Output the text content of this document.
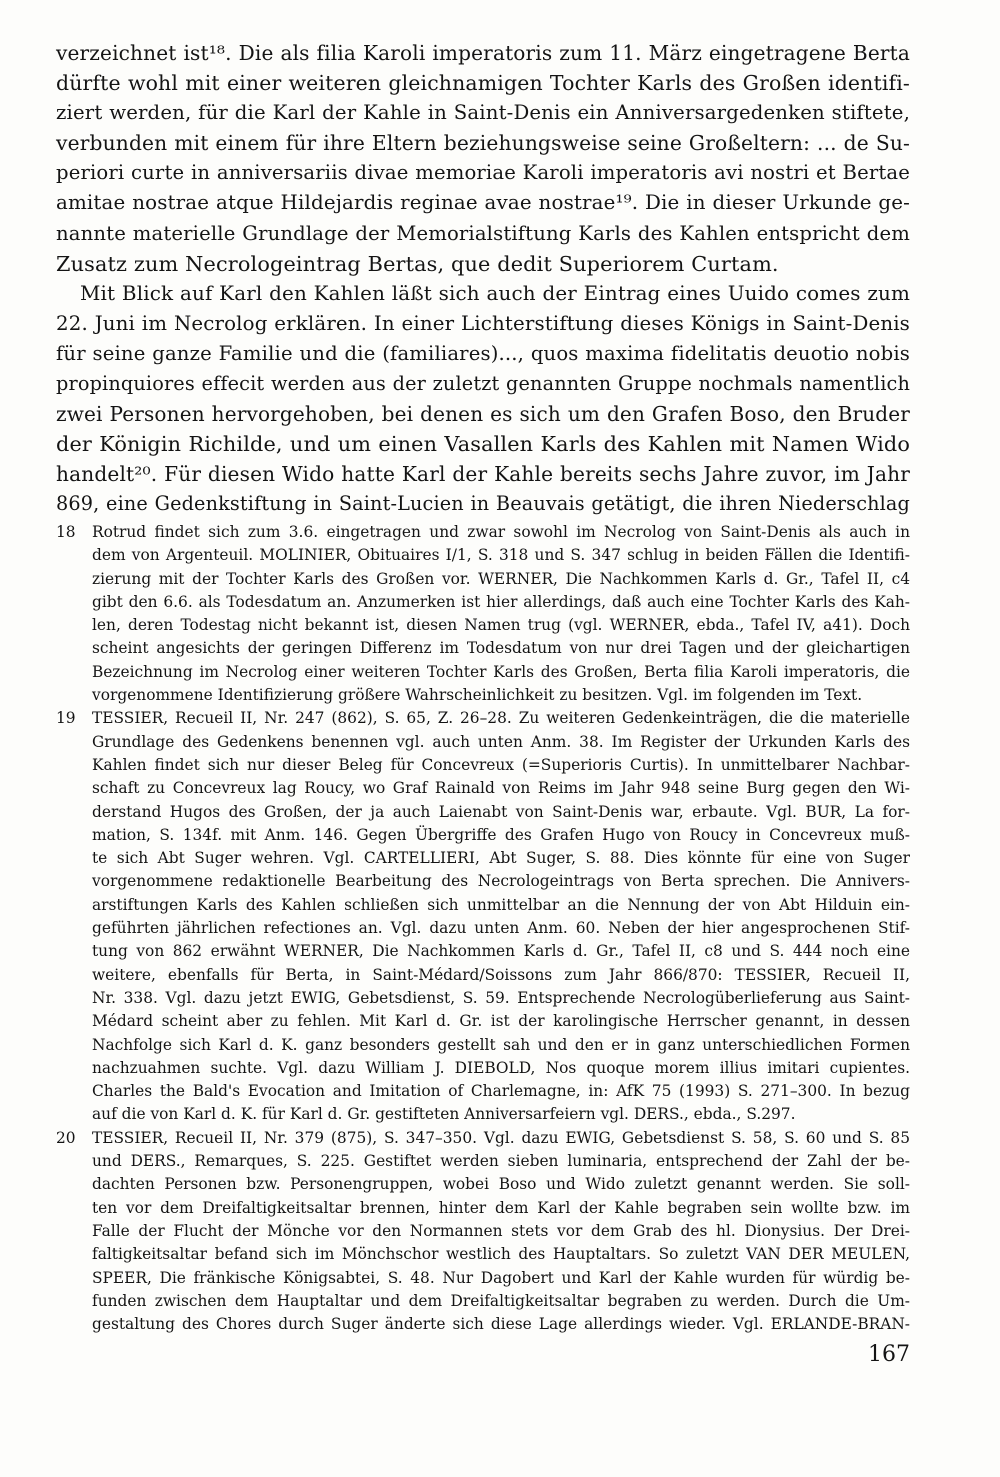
verzeichnet ist¹⁸. Die als filia Karoli imperatoris zum 11. März eingetragene Berta
dürfte wohl mit einer weiteren gleichnamigen Tochter Karls des Großen identifi-
ziert werden, für die Karl der Kahle in Saint-Denis ein Anniversargedenken stiftete,
verbunden mit einem für ihre Eltern beziehungsweise seine Großeltern: ... de Su-
periori curte in anniversariis divae memoriae Karoli imperatoris avi nostri et Bertae
amitae nostrae atque Hildejardis reginae avae nostrae¹⁹. Die in dieser Urkunde ge-
nannte materielle Grundlage der Memorialstiftung Karls des Kahlen entspricht dem
Zusatz zum Necrologeintrag Bertas, que dedit Superiorem Curtam.
Mit Blick auf Karl den Kahlen läßt sich auch der Eintrag eines Uuido comes zum
22. Juni im Necrolog erklären. In einer Lichterstiftung dieses Königs in Saint-Denis
für seine ganze Familie und die (familiares)..., quos maxima fidelitatis deuotio nobis
propinquiores effecit werden aus der zuletzt genannten Gruppe nochmals namentlich
zwei Personen hervorgehoben, bei denen es sich um den Grafen Boso, den Bruder
der Königin Richilde, und um einen Vasallen Karls des Kahlen mit Namen Wido
handelt²⁰. Für diesen Wido hatte Karl der Kahle bereits sechs Jahre zuvor, im Jahr
869, eine Gedenkstiftung in Saint-Lucien in Beauvais getätigt, die ihren Niederschlag
18 Rotrud findet sich zum 3.6. eingetragen und zwar sowohl im Necrolog von Saint-Denis als auch in
dem von Argenteuil. MOLINIER, Obituaires I/1, S. 318 und S. 347 schlug in beiden Fällen die Identifi-
zierung mit der Tochter Karls des Großen vor. WERNER, Die Nachkommen Karls d. Gr., Tafel II, c4
gibt den 6.6. als Todesdatum an. Anzumerken ist hier allerdings, daß auch eine Tochter Karls des Kah-
len, deren Todestag nicht bekannt ist, diesen Namen trug (vgl. WERNER, ebda., Tafel IV, a41). Doch
scheint angesichts der geringen Differenz im Todesdatum von nur drei Tagen und der gleichartigen
Bezeichnung im Necrolog einer weiteren Tochter Karls des Großen, Berta filia Karoli imperatoris, die
vorgenommene Identifizierung größere Wahrscheinlichkeit zu besitzen. Vgl. im folgenden im Text.
19 TESSIER, Recueil II, Nr. 247 (862), S. 65, Z. 26–28. Zu weiteren Gedenkeinträgen, die die materielle
Grundlage des Gedenkens benennen vgl. auch unten Anm. 38. Im Register der Urkunden Karls des
Kahlen findet sich nur dieser Beleg für Concevreux (=Superioris Curtis). In unmittelbarer Nachbar-
schaft zu Concevreux lag Roucy, wo Graf Rainald von Reims im Jahr 948 seine Burg gegen den Wi-
derstand Hugos des Großen, der ja auch Laienabt von Saint-Denis war, erbaute. Vgl. BUR, La for-
mation, S. 134f. mit Anm. 146. Gegen Übergriffe des Grafen Hugo von Roucy in Concevreux muß-
te sich Abt Suger wehren. Vgl. CARTELLIERI, Abt Suger, S. 88. Dies könnte für eine von Suger
vorgenommene redaktionelle Bearbeitung des Necrologeintrags von Berta sprechen. Die Annivers-
arstiftungen Karls des Kahlen schließen sich unmittelbar an die Nennung der von Abt Hilduin ein-
geführten jährlichen refectiones an. Vgl. dazu unten Anm. 60. Neben der hier angesprochenen Stif-
tung von 862 erwähnt WERNER, Die Nachkommen Karls d. Gr., Tafel II, c8 und S. 444 noch eine
weitere, ebenfalls für Berta, in Saint-Médard/Soissons zum Jahr 866/870: TESSIER, Recueil II,
Nr. 338. Vgl. dazu jetzt EWIG, Gebetsdienst, S. 59. Entsprechende Necrologüberlieferung aus Saint-
Médard scheint aber zu fehlen. Mit Karl d. Gr. ist der karolingische Herrscher genannt, in dessen
Nachfolge sich Karl d. K. ganz besonders gestellt sah und den er in ganz unterschiedlichen Formen
nachzuahmen suchte. Vgl. dazu William J. DIEBOLD, Nos quoque morem illius imitari cupientes.
Charles the Bald's Evocation and Imitation of Charlemagne, in: AfK 75 (1993) S. 271–300. In bezug
auf die von Karl d. K. für Karl d. Gr. gestifteten Anniversarfeiern vgl. DERS., ebda., S.297.
20 TESSIER, Recueil II, Nr. 379 (875), S. 347–350. Vgl. dazu EWIG, Gebetsdienst S. 58, S. 60 und S. 85
und DERS., Remarques, S. 225. Gestiftet werden sieben luminaria, entsprechend der Zahl der be-
dachten Personen bzw. Personengruppen, wobei Boso und Wido zuletzt genannt werden. Sie soll-
ten vor dem Dreifaltigkeitsaltar brennen, hinter dem Karl der Kahle begraben sein wollte bzw. im
Falle der Flucht der Mönche vor den Normannen stets vor dem Grab des hl. Dionysius. Der Drei-
faltigkeitsaltar befand sich im Mönchschor westlich des Hauptaltars. So zuletzt VAN DER MEULEN,
SPEER, Die fränkische Königsabtei, S. 48. Nur Dagobert und Karl der Kahle wurden für würdig be-
funden zwischen dem Hauptaltar und dem Dreifaltigkeitsaltar begraben zu werden. Durch die Um-
gestaltung des Chores durch Suger änderte sich diese Lage allerdings wieder. Vgl. ERLANDE-BRAN-
167
